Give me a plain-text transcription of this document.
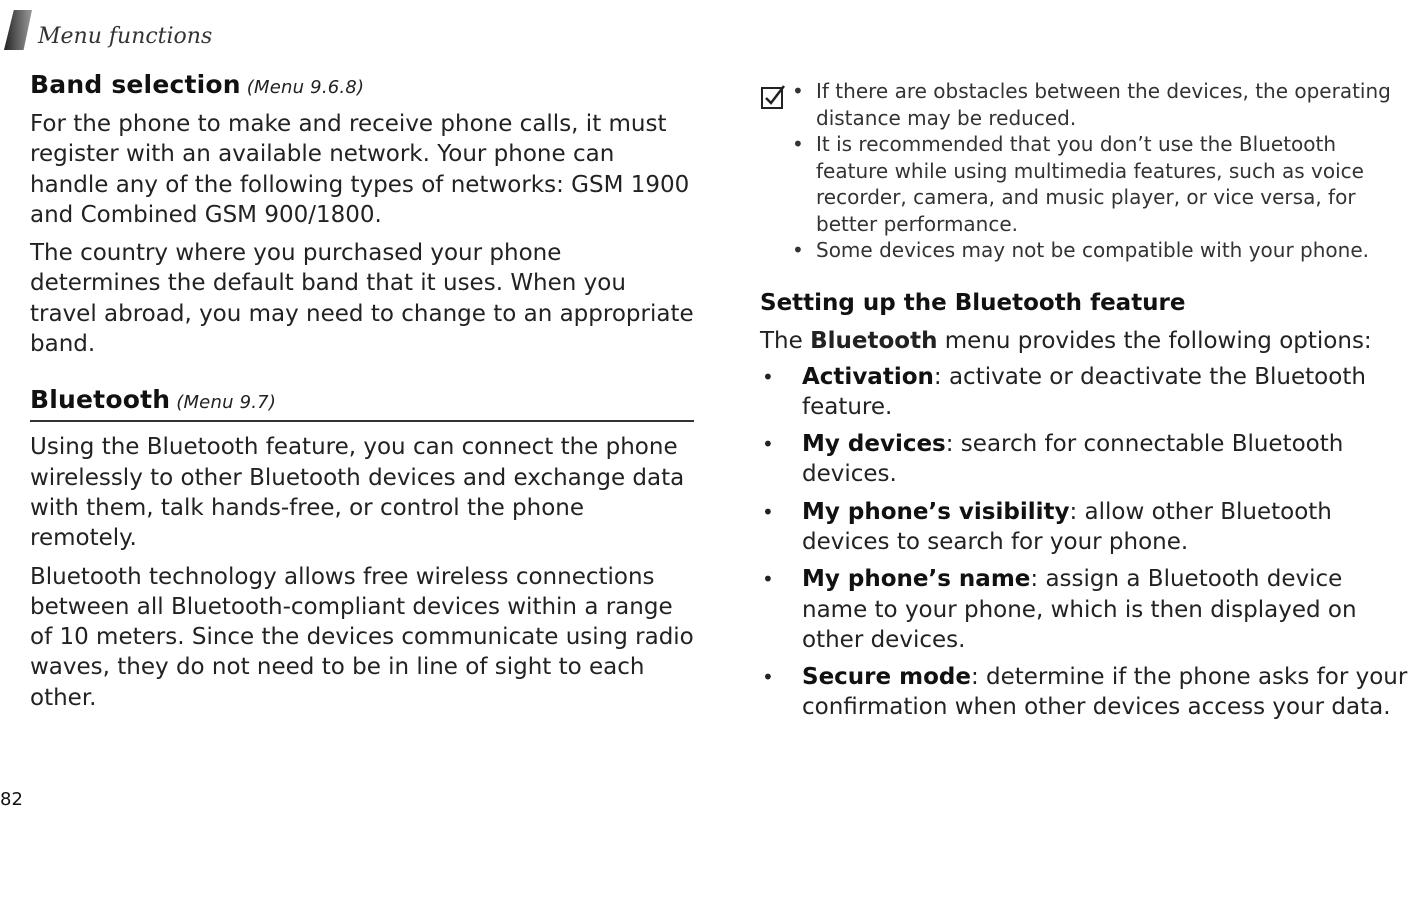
Menu functions
Band selection (Menu 9.6.8)

For the phone to make and receive phone calls, it must register with an available network. Your phone can handle any of the following types of networks: GSM 1900 and Combined GSM 900/1800.

The country where you purchased your phone determines the default band that it uses. When you travel abroad, you may need to change to an appropriate band.

Bluetooth (Menu 9.7)

Using the Bluetooth feature, you can connect the phone wirelessly to other Bluetooth devices and exchange data with them, talk hands-free, or control the phone remotely.

Bluetooth technology allows free wireless connections between all Bluetooth-compliant devices within a range of 10 meters. Since the devices communicate using radio waves, they do not need to be in line of sight to each other.

82
• If there are obstacles between the devices, the operating distance may be reduced.
• It is recommended that you don’t use the Bluetooth feature while using multimedia features, such as voice recorder, camera, and music player, or vice versa, for better performance.
• Some devices may not be compatible with your phone.
Setting up the Bluetooth feature

The Bluetooth menu provides the following options:

• Activation: activate or deactivate the Bluetooth feature.
• My devices: search for connectable Bluetooth devices.
• My phone’s visibility: allow other Bluetooth devices to search for your phone.
• My phone’s name: assign a Bluetooth device name to your phone, which is then displayed on other devices.
• Secure mode: determine if the phone asks for your confirmation when other devices access your data.
